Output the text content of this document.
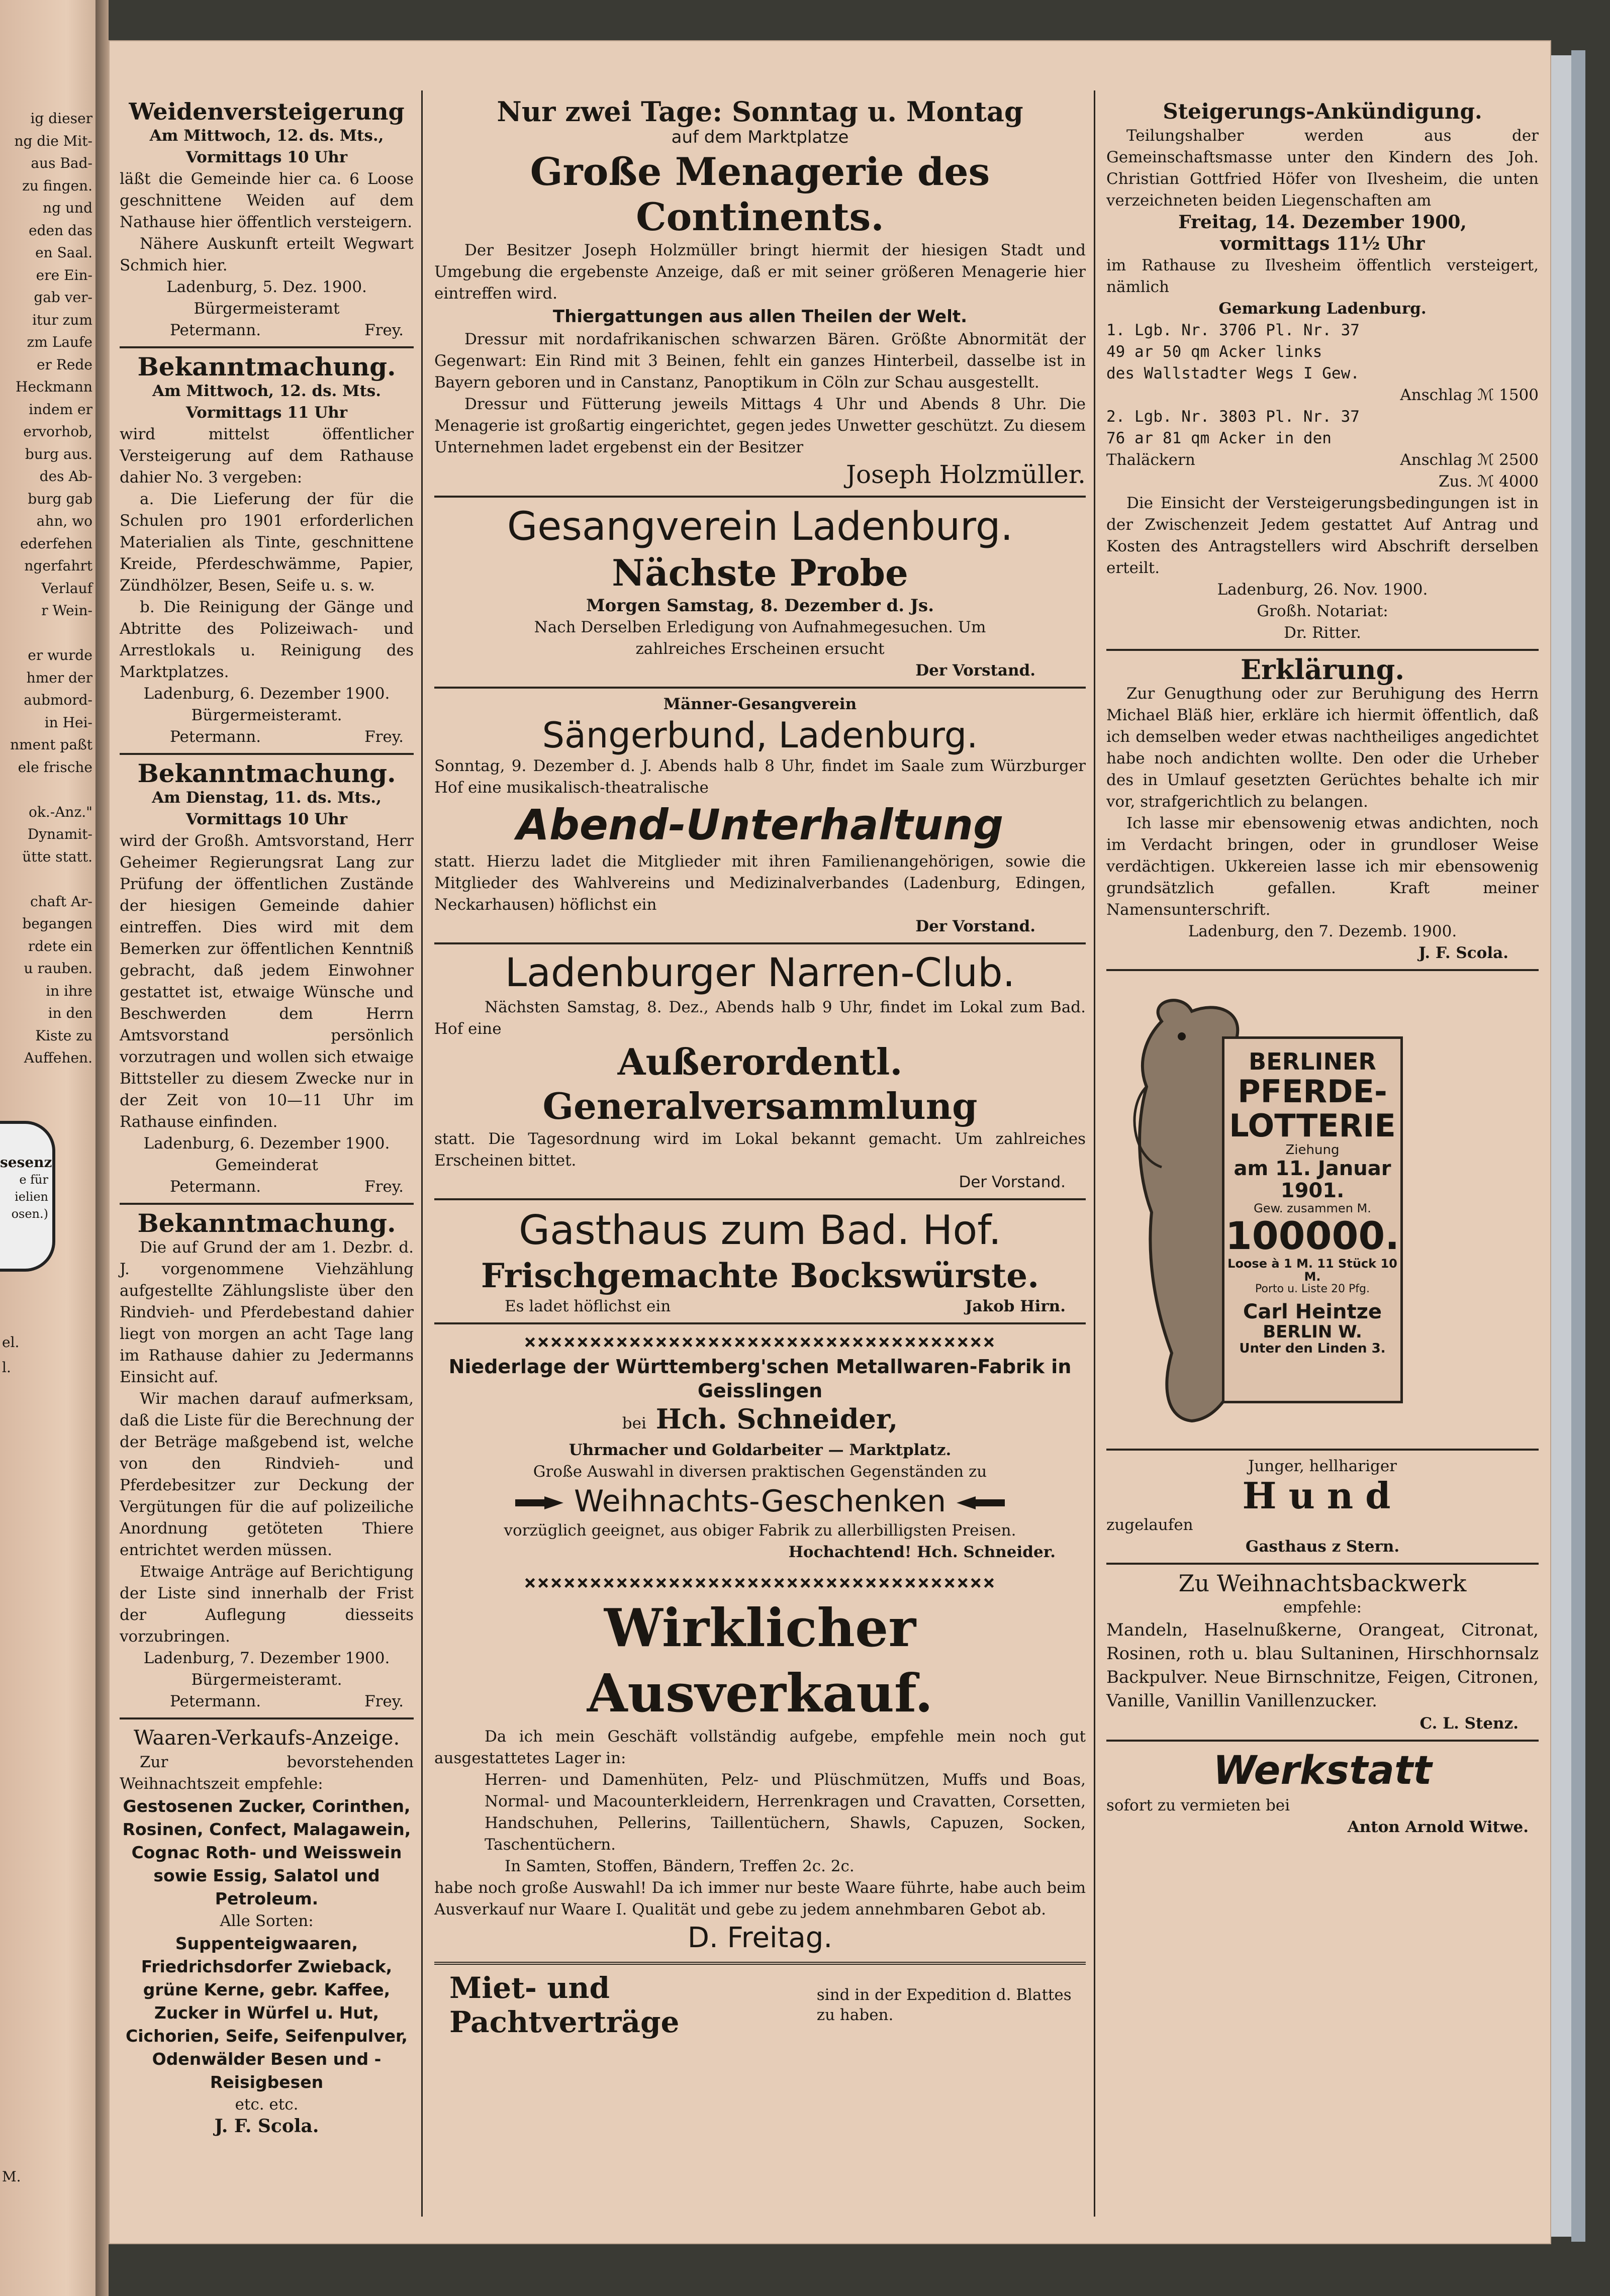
ig dieser
ng die Mit-
aus Bad-
zu fingen.
ng und
eden das
en Saal.
ere Ein-
gab ver-
itur zum
zm Laufe
er Rede
Heckmann
indem er
ervorhob,
burg aus.
des Ab-
burg gab
ahn, wo
ederfehen
ngerfahrt
Verlauf
r Wein-
er wurde
hmer der
aubmord-
in Hei-
nment paßt
ele frische
ok.-Anz."
Dynamit-
ütte statt.
chaft Ar-
begangen
rdete ein
u rauben.
in ihre
in den
Kiste zu
Auffehen.
sesenz
e für
ielien
osen.)
el.
l.
M.
Weidenversteigerung

Am Mittwoch, 12. ds. Mts.,

Vormittags 10 Uhr

läßt die Gemeinde hier ca. 6 Loose geschnittene Weiden auf dem Nathause hier öffentlich versteigern.

Nähere Auskunft erteilt Wegwart Schmich hier.

Ladenburg, 5. Dez. 1900.

Bürgermeisteramt

Petermann.	Frey.
Bekanntmachung.

Am Mittwoch, 12. ds. Mts.

Vormittags 11 Uhr

wird mittelst öffentlicher Versteigerung auf dem Rathause dahier No. 3 vergeben:

a. Die Lieferung der für die Schulen pro 1901 erforderlichen Materialien als Tinte, geschnittene Kreide, Pferdeschwämme, Papier, Zündhölzer, Besen, Seife u. s. w.

b. Die Reinigung der Gänge und Abtritte des Polizeiwach- und Arrestlokals u. Reinigung des Marktplatzes.

Ladenburg, 6. Dezember 1900.

Bürgermeisteramt.

Petermann.	Frey.
Bekanntmachung.

Am Dienstag, 11. ds. Mts.,

Vormittags 10 Uhr

wird der Großh. Amtsvorstand, Herr Geheimer Regierungsrat Lang zur Prüfung der öffentlichen Zustände der hiesigen Gemeinde dahier eintreffen. Dies wird mit dem Bemerken zur öffentlichen Kenntniß gebracht, daß jedem Einwohner gestattet ist, etwaige Wünsche und Beschwerden dem Herrn Amtsvorstand persönlich vorzutragen und wollen sich etwaige Bittsteller zu diesem Zwecke nur in der Zeit von 10—11 Uhr im Rathause einfinden.

Ladenburg, 6. Dezember 1900.

Gemeinderat

Petermann.	Frey.
Bekanntmachung.

Die auf Grund der am 1. Dezbr. d. J. vorgenommene Viehzählung aufgestellte Zählungsliste über den Rindvieh- und Pferdebestand dahier liegt von morgen an acht Tage lang im Rathause dahier zu Jedermanns Einsicht auf.

Wir machen darauf aufmerksam, daß die Liste für die Berechnung der der Beträge maßgebend ist, welche von den Rindvieh- und Pferdebesitzer zur Deckung der Vergütungen für die auf polizeiliche Anordnung getöteten Thiere entrichtet werden müssen.

Etwaige Anträge auf Berichtigung der Liste sind innerhalb der Frist der Auflegung diesseits vorzubringen.

Ladenburg, 7. Dezember 1900.

Bürgermeisteramt.

Petermann.	Frey.
Waaren-Verkaufs-Anzeige.

Zur bevorstehenden Weihnachtszeit empfehle:

Gestosenen Zucker, Corinthen, Rosinen, Confect, Malagawein, Cognac Roth- und Weisswein sowie Essig, Salatol und Petroleum.

Alle Sorten:

Suppenteigwaaren, Friedrichsdorfer Zwieback, grüne Kerne, gebr. Kaffee, Zucker in Würfel u. Hut, Cichorien, Seife, Seifenpulver, Odenwälder Besen und -Reisigbesen

etc. etc.

J. F. Scola.

Nur zwei Tage: Sonntag u. Montag

auf dem Marktplatze

Große Menagerie des Continents.

Der Besitzer Joseph Holzmüller bringt hiermit der hiesigen Stadt und Umgebung die ergebenste Anzeige, daß er mit seiner größeren Menagerie hier eintreffen wird.

Thiergattungen aus allen Theilen der Welt.

Dressur mit nordafrikanischen schwarzen Bären. Größte Abnormität der Gegenwart: Ein Rind mit 3 Beinen, fehlt ein ganzes Hinterbeil, dasselbe ist in Bayern geboren und in Canstanz, Panoptikum in Cöln zur Schau ausgestellt.

Dressur und Fütterung jeweils Mittags 4 Uhr und Abends 8 Uhr. Die Menagerie ist großartig eingerichtet, gegen jedes Unwetter geschützt. Zu diesem Unternehmen ladet ergebenst ein der Besitzer

Joseph Holzmüller.

Gesangverein Ladenburg.
Nächste Probe

Morgen Samstag, 8. Dezember d. Js.

Nach Derselben Erledigung von Aufnahmegesuchen. Um zahlreiches Erscheinen ersucht

Der Vorstand.

Männer-Gesangverein

Sängerbund, Ladenburg.

Sonntag, 9. Dezember d. J. Abends halb 8 Uhr, findet im Saale zum Würzburger Hof eine musikalisch-theatralische

Abend-Unterhaltung

statt. Hierzu ladet die Mitglieder mit ihren Familienangehörigen, sowie die Mitglieder des Wahlvereins und Medizinalverbandes (Ladenburg, Edingen, Neckarhausen) höflichst ein

Der Vorstand.

Ladenburger Narren-Club.

Nächsten Samstag, 8. Dez., Abends halb 9 Uhr, findet im Lokal zum Bad. Hof eine

Außerordentl. Generalversammlung

statt. Die Tagesordnung wird im Lokal bekannt gemacht. Um zahlreiches Erscheinen bittet.

Der Vorstand.

Gasthaus zum Bad. Hof.
Frischgemachte Bockswürste.
Es ladet höflichst ein	Jakob Hirn.
××××××××××××××××××××××××××××××××××××

Niederlage der Württemberg'schen Metallwaren-Fabrik in Geisslingen

bei Hch. Schneider,

Uhrmacher und Goldarbeiter — Marktplatz.

Große Auswahl in diversen praktischen Gegenständen zu

Weihnachts-Geschenken

vorzüglich geeignet, aus obiger Fabrik zu allerbilligsten Preisen.

Hochachtend! Hch. Schneider.

××××××××××××××××××××××××××××××××××××
Wirklicher Ausverkauf.

Da ich mein Geschäft vollständig aufgebe, empfehle mein noch gut ausgestattetes Lager in:

Herren- und Damenhüten, Pelz- und Plüschmützen, Muffs und Boas, Normal- und Macounterkleidern, Herrenkragen und Cravatten, Corsetten, Handschuhen, Pellerins, Taillentüchern, Shawls, Capuzen, Socken, Taschentüchern.

In Samten, Stoffen, Bändern, Treffen 2c. 2c.

habe noch große Auswahl! Da ich immer nur beste Waare führte, habe auch beim Ausverkauf nur Waare I. Qualität und gebe zu jedem annehmbaren Gebot ab.

D. Freitag.

Miet- und Pachtverträge
sind in der Expedition d. Blattes zu haben.
Steigerungs-Ankündigung.

Teilungshalber werden aus der Gemeinschaftsmasse unter den Kindern des Joh. Christian Gottfried Höfer von Ilvesheim, die unten verzeichneten beiden Liegenschaften am

Freitag, 14. Dezember 1900,

vormittags 11½ Uhr

im Rathause zu Ilvesheim öffentlich versteigert, nämlich

Gemarkung Ladenburg.

1. Lgb. Nr. 3706 Pl. Nr. 37

49 ar 50 qm Acker links

des Wallstadter Wegs I Gew.

Anschlag ℳ 1500

2. Lgb. Nr. 3803 Pl. Nr. 37

76 ar 81 qm Acker in den

Thaläckern	Anschlag ℳ 2500

Zus. ℳ 4000

Die Einsicht der Versteigerungsbedingungen ist in der Zwischenzeit Jedem gestattet Auf Antrag und Kosten des Antragstellers wird Abschrift derselben erteilt.

Ladenburg, 26. Nov. 1900.

Großh. Notariat:

Dr. Ritter.

Erklärung.

Zur Genugthung oder zur Beruhigung des Herrn Michael Bläß hier, erkläre ich hiermit öffentlich, daß ich demselben weder etwas nachtheiliges angedichtet habe noch andichten wollte. Den oder die Urheber des in Umlauf gesetzten Gerüchtes behalte ich mir vor, strafgerichtlich zu belangen.

Ich lasse mir ebensowenig etwas andichten, noch im Verdacht bringen, oder in grundloser Weise verdächtigen. Ukkereien lasse ich mir ebensowenig grundsätzlich gefallen. Kraft meiner Namensunterschrift.

Ladenburg, den 7. Dezemb. 1900.

J. F. Scola.

BERLINER
PFERDE-
LOTTERIE
Ziehung
am 11. Januar
1901.
Gew. zusammen M.
100000.
Loose à 1 M. 11 Stück 10 M.
Porto u. Liste 20 Pfg.
Carl Heintze
BERLIN W.
Unter den Linden 3.

Junger, hellhariger

Hund

zugelaufen

Gasthaus z Stern.

Zu Weihnachtsbackwerk

empfehle:

Mandeln, Haselnußkerne, Orangeat, Citronat, Rosinen, roth u. blau Sultaninen, Hirschhornsalz Backpulver. Neue Birnschnitze, Feigen, Citronen, Vanille, Vanillin Vanillenzucker.

C. L. Stenz.

Werkstatt

sofort zu vermieten bei

Anton Arnold Witwe.
